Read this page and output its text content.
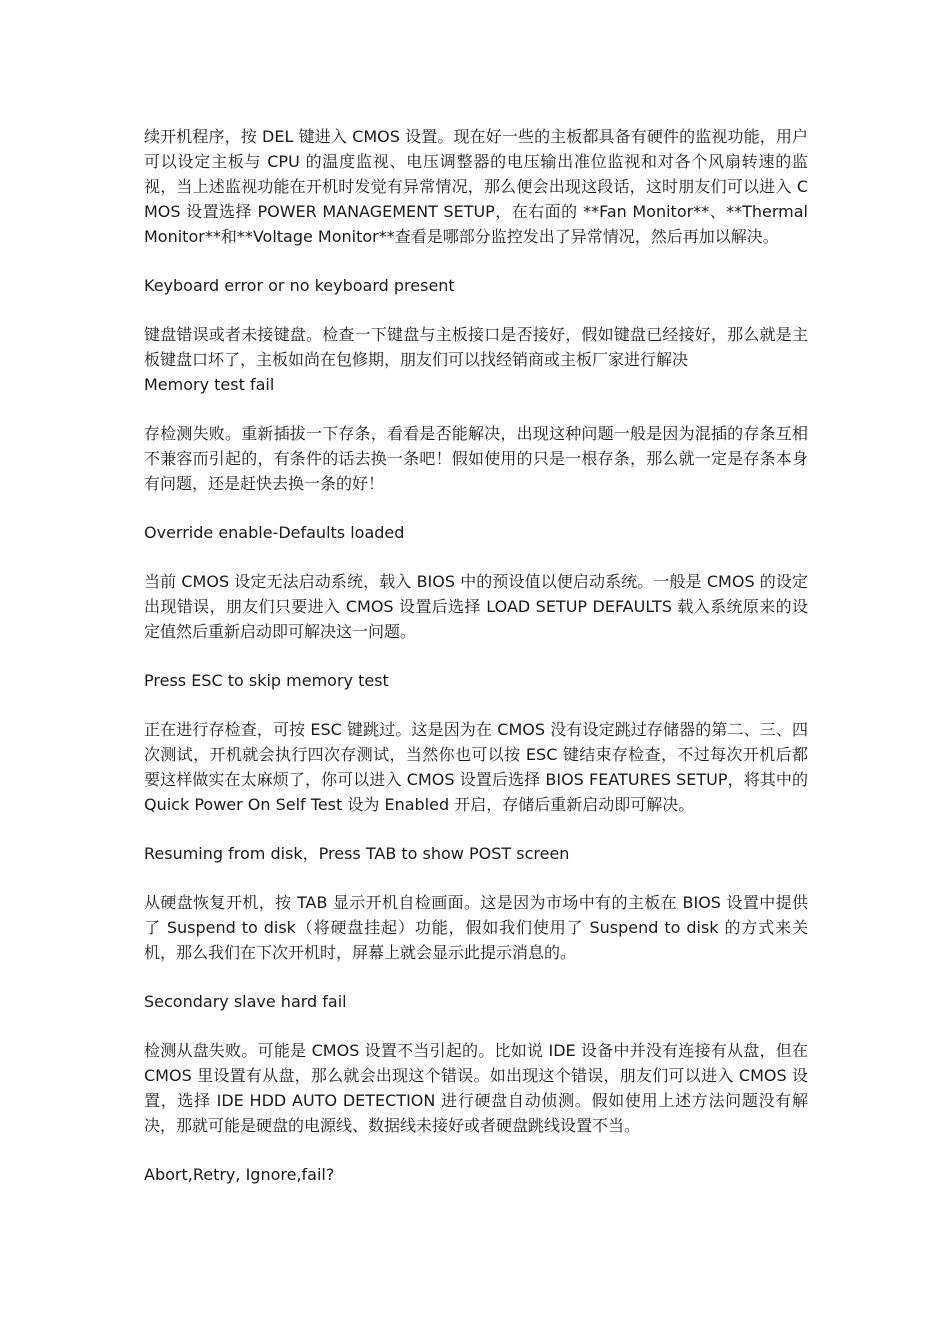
续开机程序，按 DEL 键进入 CMOS 设置。现在好一些的主板都具备有硬件的监视功能，用户可以设定主板与 CPU 的温度监视、电压调整器的电压输出准位监视和对各个风扇转速的监视，当上述监视功能在开机时发觉有异常情况，那么便会出现这段话，这时朋友们可以进入 CMOS 设置选择 POWER MANAGEMENT SETUP，在右面的 **Fan Monitor**、**Thermal Monitor**和**Voltage Monitor**查看是哪部分监控发出了异常情况，然后再加以解决。

Keyboard error or no keyboard present

键盘错误或者未接键盘。检查一下键盘与主板接口是否接好，假如键盘已经接好，那么就是主板键盘口坏了，主板如尚在包修期，朋友们可以找经销商或主板厂家进行解决

Memory test fail

存检测失败。重新插拔一下存条，看看是否能解决，出现这种问题一般是因为混插的存条互相不兼容而引起的，有条件的话去换一条吧！假如使用的只是一根存条，那么就一定是存条本身有问题，还是赶快去换一条的好！

Override enable-Defaults loaded

当前 CMOS 设定无法启动系统，载入 BIOS 中的预设值以便启动系统。一般是 CMOS 的设定出现错误，朋友们只要进入 CMOS 设置后选择 LOAD SETUP DEFAULTS 载入系统原来的设定值然后重新启动即可解决这一问题。

Press ESC to skip memory test

正在进行存检查，可按 ESC 键跳过。这是因为在 CMOS 没有设定跳过存储器的第二、三、四次测试，开机就会执行四次存测试，当然你也可以按 ESC 键结束存检查，不过每次开机后都要这样做实在太麻烦了，你可以进入 CMOS 设置后选择 BIOS FEATURES SETUP，将其中的 Quick Power On Self Test 设为 Enabled 开启，存储后重新启动即可解决。

Resuming from disk，Press TAB to show POST screen

从硬盘恢复开机，按 TAB 显示开机自检画面。这是因为市场中有的主板在 BIOS 设置中提供了 Suspend to disk（将硬盘挂起）功能，假如我们使用了 Suspend to disk 的方式来关机，那么我们在下次开机时，屏幕上就会显示此提示消息的。

Secondary slave hard fail

检测从盘失败。可能是 CMOS 设置不当引起的。比如说 IDE 设备中并没有连接有从盘，但在 CMOS 里设置有从盘，那么就会出现这个错误。如出现这个错误，朋友们可以进入 CMOS 设置，选择 IDE HDD AUTO DETECTION 进行硬盘自动侦测。假如使用上述方法问题没有解决，那就可能是硬盘的电源线、数据线未接好或者硬盘跳线设置不当。

Abort,Retry, Ignore,fail?
